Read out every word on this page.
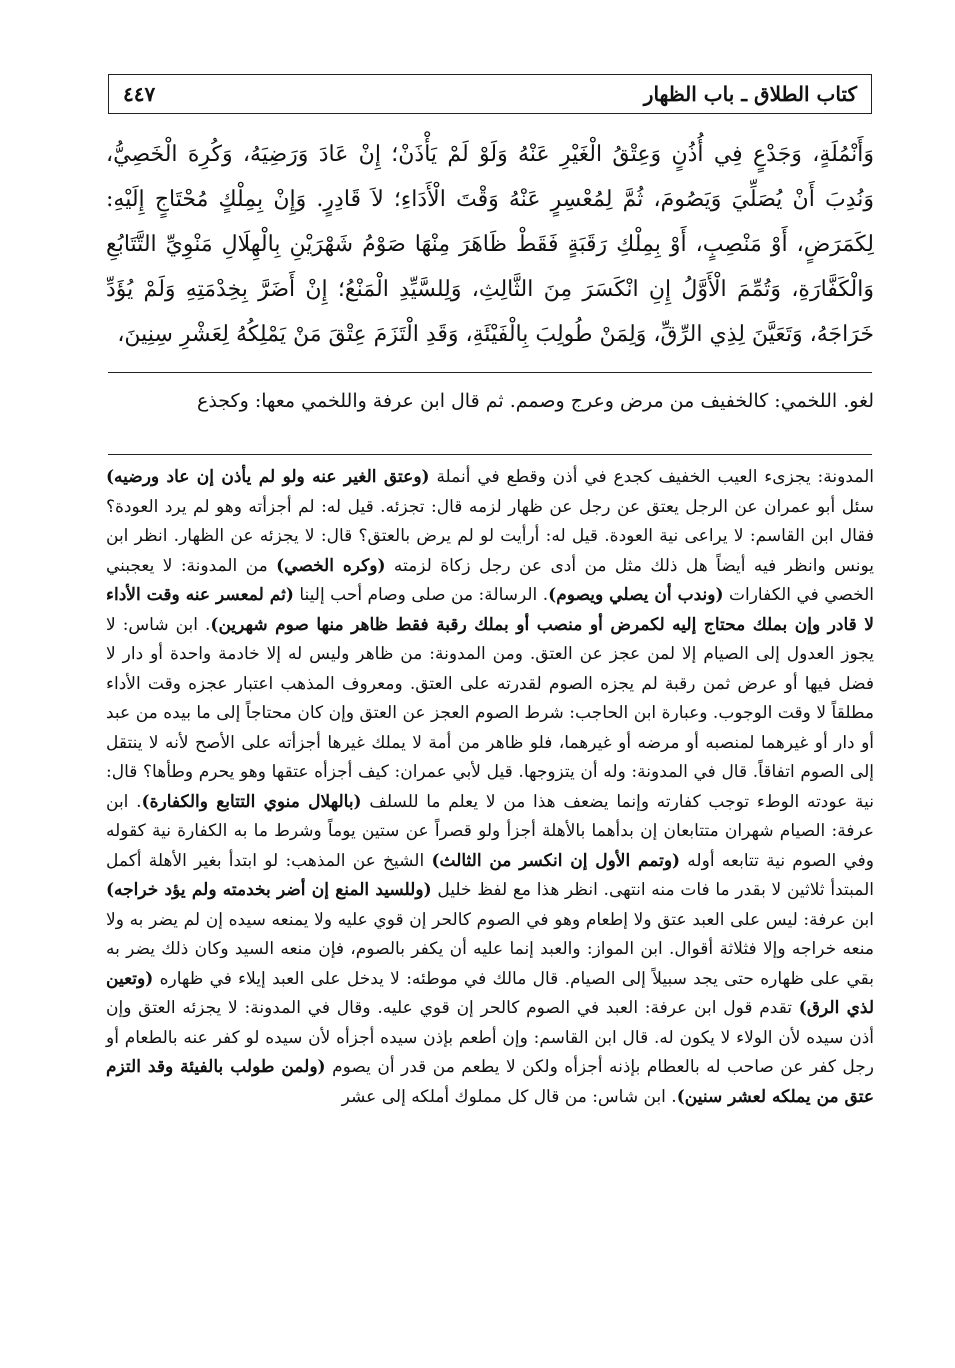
كتاب الطلاق ـ باب الظهار
٤٤٧

وَأَنْمُلَةٍ، وَجَدْعٍ فِي أُذُنٍ وَعِتْقُ الْغَيْرِ عَنْهُ وَلَوْ لَمْ يَأْذَنْ؛ إِنْ عَادَ وَرَضِيَهُ، وَكُرِهَ الْخَصِيُّ، وَنُدِبَ أَنْ يُصَلِّيَ وَيَصُومَ، ثُمَّ لِمُعْسِرٍ عَنْهُ وَقْتَ الْأَدَاءِ؛ لاَ قَادِرٍ. وَإِنْ بِمِلْكٍ مُحْتَاجٍ إِلَيْهِ: لِكَمَرَضٍ، أَوْ مَنْصِبٍ، أَوْ بِمِلْكِ رَقَبَةٍ فَقَطْ ظَاهَرَ مِنْهَا صَوْمُ شَهْرَيْنِ بِالْهِلَالِ مَنْوِيِّ التَّتَابُعِ وَالْكَفَّارَةِ، وَتُمِّمَ الْأَوَّلُ إِنِ انْكَسَرَ مِنَ الثَّالِثِ، وَلِلسَّيِّدِ الْمَنْعُ؛ إِنْ أَضَرَّ بِخِدْمَتِهِ وَلَمْ يُؤَدِّ خَرَاجَهُ، وَتَعَيَّنَ لِذِي الرِّقِّ، وَلِمَنْ طُولِبَ بِالْفَيْئَةِ، وَقَدِ الْتَزَمَ عِتْقَ مَنْ يَمْلِكُهُ لِعَشْرِ سِنِينَ،

لغو. اللخمي: كالخفيف من مرض وعرج وصمم. ثم قال ابن عرفة واللخمي معها: وكجذع

المدونة: يجزىء العيب الخفيف كجدع في أذن وقطع في أنملة (وعتق الغير عنه ولو لم يأذن إن عاد ورضيه) سئل أبو عمران عن الرجل يعتق عن رجل عن ظهار لزمه قال: تجزئه. قيل له: لم أجزأته وهو لم يرد العودة؟ فقال ابن القاسم: لا يراعى نية العودة. قيل له: أرأيت لو لم يرض بالعتق؟ قال: لا يجزئه عن الظهار. انظر ابن يونس وانظر فيه أيضاً هل ذلك مثل من أدى عن رجل زكاة لزمته (وكره الخصي) من المدونة: لا يعجبني الخصي في الكفارات (وندب أن يصلي ويصوم). الرسالة: من صلى وصام أحب إلينا (ثم لمعسر عنه وقت الأداء لا قادر وإن بملك محتاج إليه لكمرض أو منصب أو بملك رقبة فقط ظاهر منها صوم شهرين). ابن شاس: لا يجوز العدول إلى الصيام إلا لمن عجز عن العتق. ومن المدونة: من ظاهر وليس له إلا خادمة واحدة أو دار لا فضل فيها أو عرض ثمن رقبة لم يجزه الصوم لقدرته على العتق. ومعروف المذهب اعتبار عجزه وقت الأداء مطلقاً لا وقت الوجوب. وعبارة ابن الحاجب: شرط الصوم العجز عن العتق وإن كان محتاجاً إلى ما بيده من عبد أو دار أو غيرهما لمنصبه أو مرضه أو غيرهما، فلو ظاهر من أمة لا يملك غيرها أجزأته على الأصح لأنه لا ينتقل إلى الصوم اتفاقاً. قال في المدونة: وله أن يتزوجها. قيل لأبي عمران: كيف أجزأه عتقها وهو يحرم وطأها؟ قال: نية عودته الوطء توجب كفارته وإنما يضعف هذا من لا يعلم ما للسلف (بالهلال منوي التتابع والكفارة). ابن عرفة: الصيام شهران متتابعان إن بدأهما بالأهلة أجزأ ولو قصراً عن ستين يوماً وشرط ما به الكفارة نية كقوله وفي الصوم نية تتابعه أوله (وتمم الأول إن انكسر من الثالث) الشيخ عن المذهب: لو ابتدأ بغير الأهلة أكمل المبتدأ ثلاثين لا بقدر ما فات منه انتهى. انظر هذا مع لفظ خليل (وللسيد المنع إن أضر بخدمته ولم يؤد خراجه) ابن عرفة: ليس على العبد عتق ولا إطعام وهو في الصوم كالحر إن قوي عليه ولا يمنعه سيده إن لم يضر به ولا منعه خراجه وإلا فثلاثة أقوال. ابن المواز: والعبد إنما عليه أن يكفر بالصوم، فإن منعه السيد وكان ذلك يضر به بقي على ظهاره حتى يجد سبيلاً إلى الصيام. قال مالك في موطئه: لا يدخل على العبد إيلاء في ظهاره (وتعين لذي الرق) تقدم قول ابن عرفة: العبد في الصوم كالحر إن قوي عليه. وقال في المدونة: لا يجزئه العتق وإن أذن سيده لأن الولاء لا يكون له. قال ابن القاسم: وإن أطعم بإذن سيده أجزأه لأن سيده لو كفر عنه بالطعام أو رجل كفر عن صاحب له بالعطام بإذنه أجزأه ولكن لا يطعم من قدر أن يصوم (ولمن طولب بالفيئة وقد التزم عتق من يملكه لعشر سنين). ابن شاس: من قال كل مملوك أملكه إلى عشر
